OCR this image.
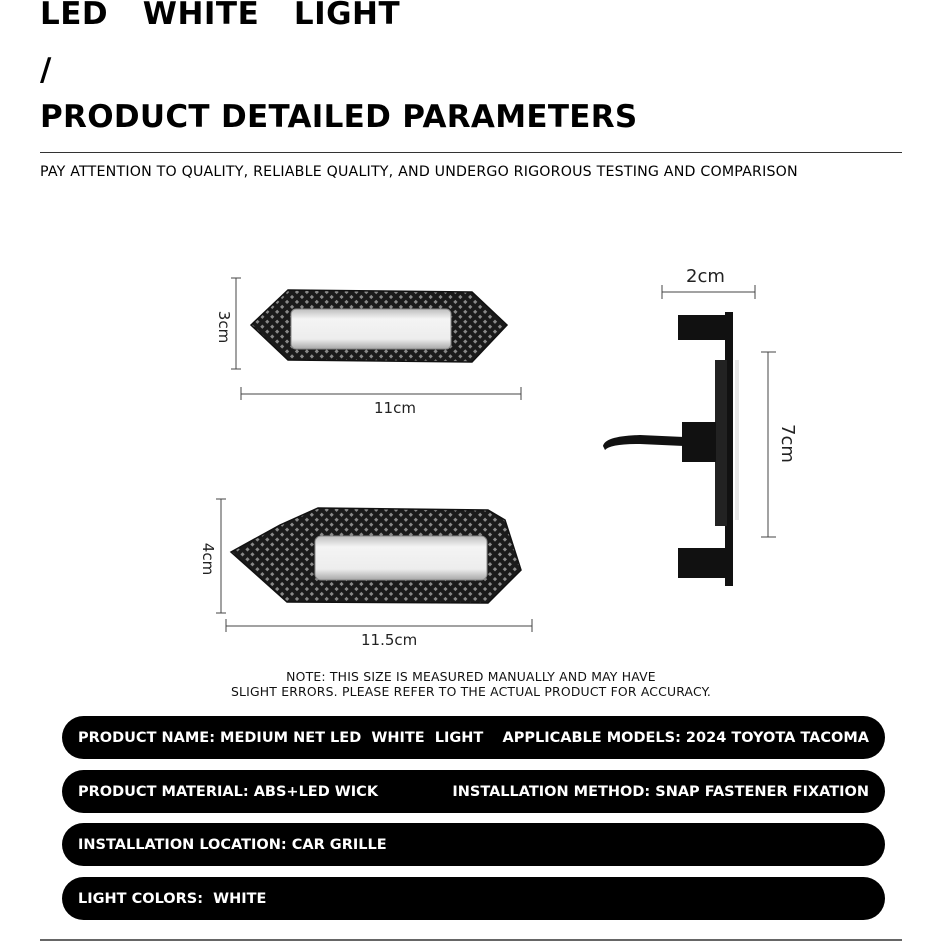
LED  WHITE  LIGHT
/
PRODUCT DETAILED PARAMETERS
PAY ATTENTION TO QUALITY, RELIABLE QUALITY, AND UNDERGO RIGOROUS TESTING AND COMPARISON
3cm
11cm
4cm
11.5cm
2cm
7cm
NOTE: THIS SIZE IS MEASURED MANUALLY AND MAY HAVE
SLIGHT ERRORS. PLEASE REFER TO THE ACTUAL PRODUCT FOR ACCURACY.
PRODUCT NAME: MEDIUM NET LED  WHITE  LIGHT APPLICABLE MODELS: 2024 TOYOTA TACOMA
PRODUCT MATERIAL: ABS+LED WICK	INSTALLATION METHOD: SNAP FASTENER FIXATION
INSTALLATION LOCATION: CAR GRILLE
LIGHT COLORS:  WHITE
